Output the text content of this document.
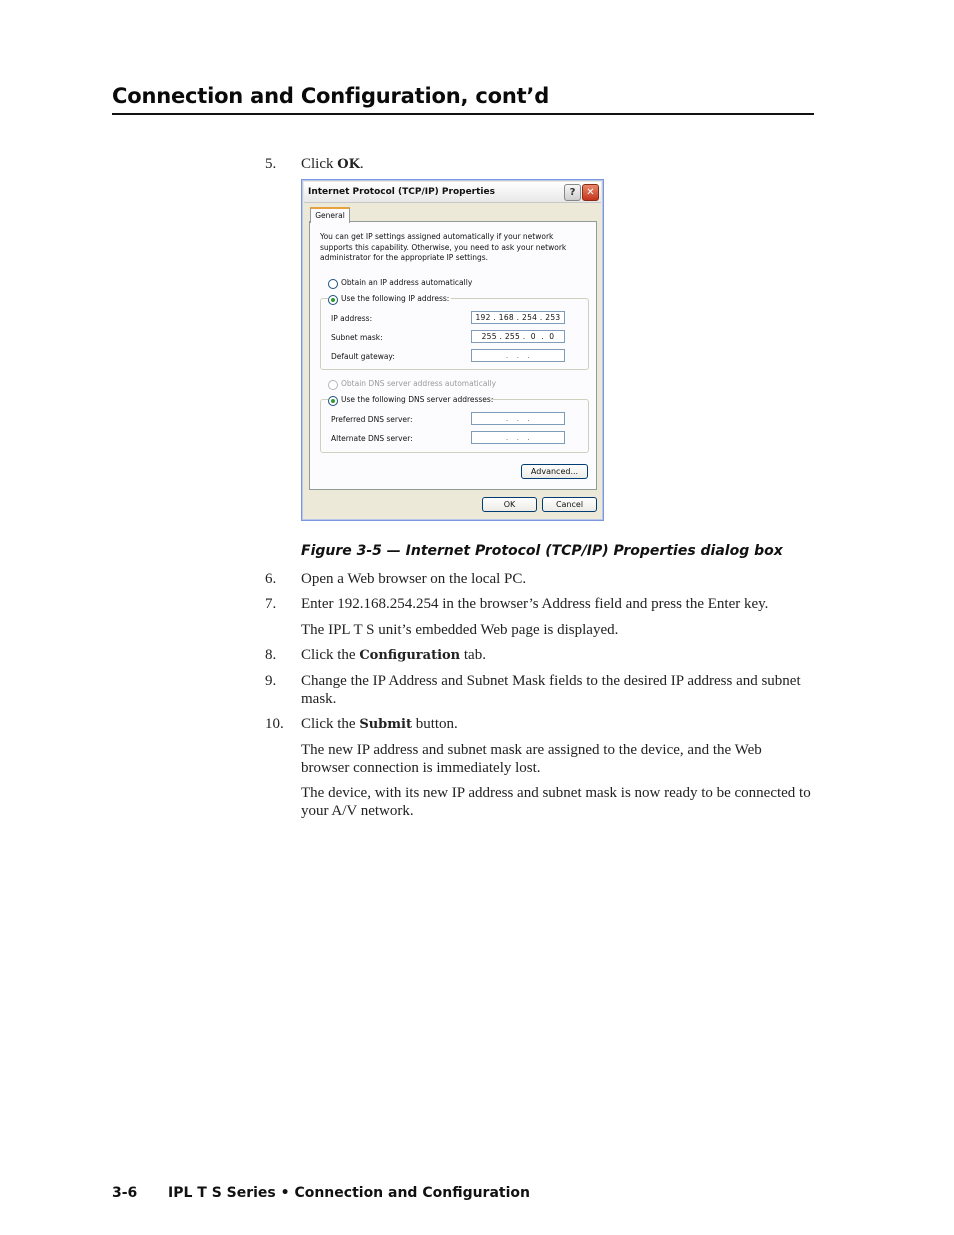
Connection and Configuration, cont’d
5.	Click OK.
Internet Protocol (TCP/IP) Properties	?	✕
General
You can get IP settings assigned automatically if your network supports this capability. Otherwise, you need to ask your network administrator for the appropriate IP settings.
Obtain an IP address automatically
IP address:	192 . 168 . 254 . 253
Subnet mask:	255 . 255 .  0  .  0
Default gateway:	.   .   .
Use the following IP address:
Obtain DNS server address automatically
Preferred DNS server:	.   .   .
Alternate DNS server:	.   .   .
Use the following DNS server addresses:
Advanced...
OK	Cancel
Figure 3-5 — Internet Protocol (TCP/IP) Properties dialog box
6.	Open a Web browser on the local PC.
7.	Enter 192.168.254.254 in the browser’s Address field and press the Enter key.
The IPL T S unit’s embedded Web page is displayed.
8.	Click the Configuration tab.
9.	Change the IP Address and Subnet Mask fields to the desired IP address and subnet mask.
10.	Click the Submit button.
The new IP address and subnet mask are assigned to the device, and the Web browser connection is immediately lost.
The device, with its new IP address and subnet mask is now ready to be connected to your A/V network.
3-6 IPL T S Series • Connection and Configuration
